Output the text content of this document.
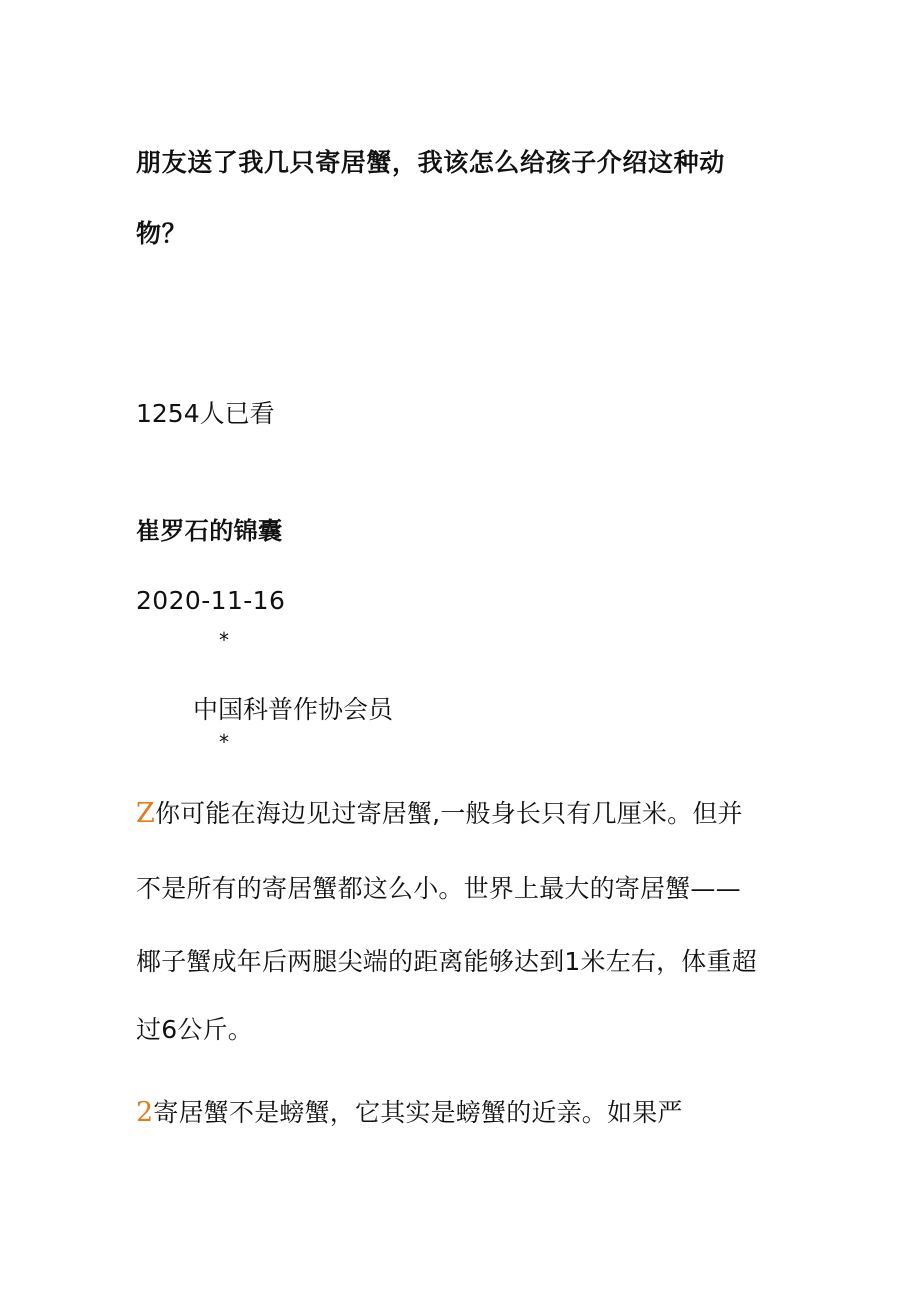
朋友送了我几只寄居蟹，我该怎么给孩子介绍这种动
物？
1254人已看
崔罗石的锦囊
2020-11-16
*
中国科普作协会员
*
Z你可能在海边见过寄居蟹,一般身长只有几厘米。但并
不是所有的寄居蟹都这么小。世界上最大的寄居蟹——
椰子蟹成年后两腿尖端的距离能够达到1米左右，体重超
过6公斤。
2寄居蟹不是螃蟹，它其实是螃蟹的近亲。如果严
